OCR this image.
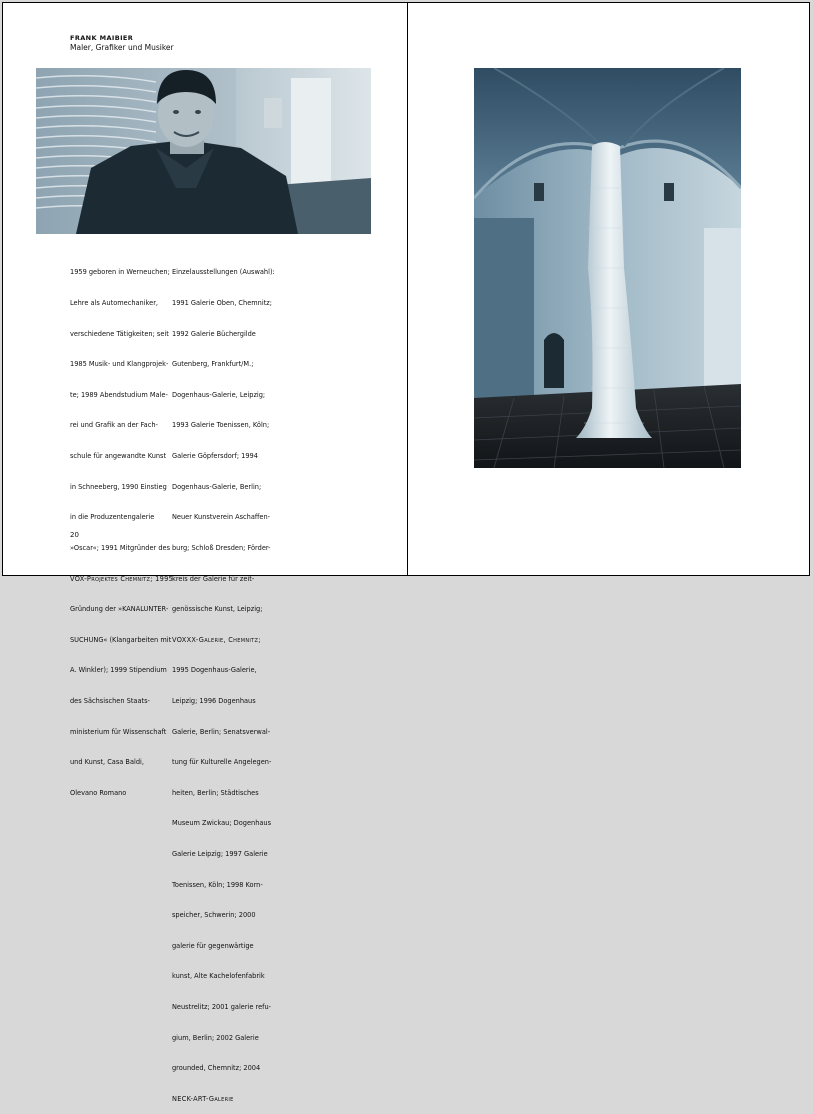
FRANK MAIBIER
Maler, Grafiker und Musiker

1959 geboren in Werneuchen;

Lehre als Automechaniker,

verschiedene Tätigkeiten; seit

1985 Musik- und Klangprojek-

te; 1989 Abendstudium Male-

rei und Grafik an der Fach-

schule für angewandte Kunst

in Schneeberg, 1990 Einstieg

in die Produzentengalerie

»Oscar«; 1991 Mitgründer des

VOX-Projektes Chemnitz; 1995

Gründung der »KANALUNTER-

SUCHUNG« (Klangarbeiten mit

A. Winkler); 1999 Stipendium

des Sächsischen Staats-

ministerium für Wissenschaft

und Kunst, Casa Baldi,

Olevano Romano

Einzelausstellungen (Auswahl):

1991 Galerie Oben, Chemnitz;

1992 Galerie Büchergilde

Gutenberg, Frankfurt/M.;

Dogenhaus-Galerie, Leipzig;

1993 Galerie Toenissen, Köln;

Galerie Göpfersdorf; 1994

Dogenhaus-Galerie, Berlin;

Neuer Kunstverein Aschaffen-

burg; Schloß Dresden; Förder-

kreis der Galerie für zeit-

genössische Kunst, Leipzig;

VOXXX-Galerie, Chemnitz;

1995 Dogenhaus-Galerie,

Leipzig; 1996 Dogenhaus

Galerie, Berlin; Senatsverwal-

tung für Kulturelle Angelegen-

heiten, Berlin; Städtisches

Museum Zwickau; Dogenhaus

Galerie Leipzig; 1997 Galerie

Toenissen, Köln; 1998 Korn-

speicher, Schwerin; 2000

galerie für gegenwärtige

kunst, Alte Kachelofenfabrik

Neustrelitz; 2001 galerie refu-

gium, Berlin; 2002 Galerie

grounded, Chemnitz; 2004

NECK-ART-Galerie

20
